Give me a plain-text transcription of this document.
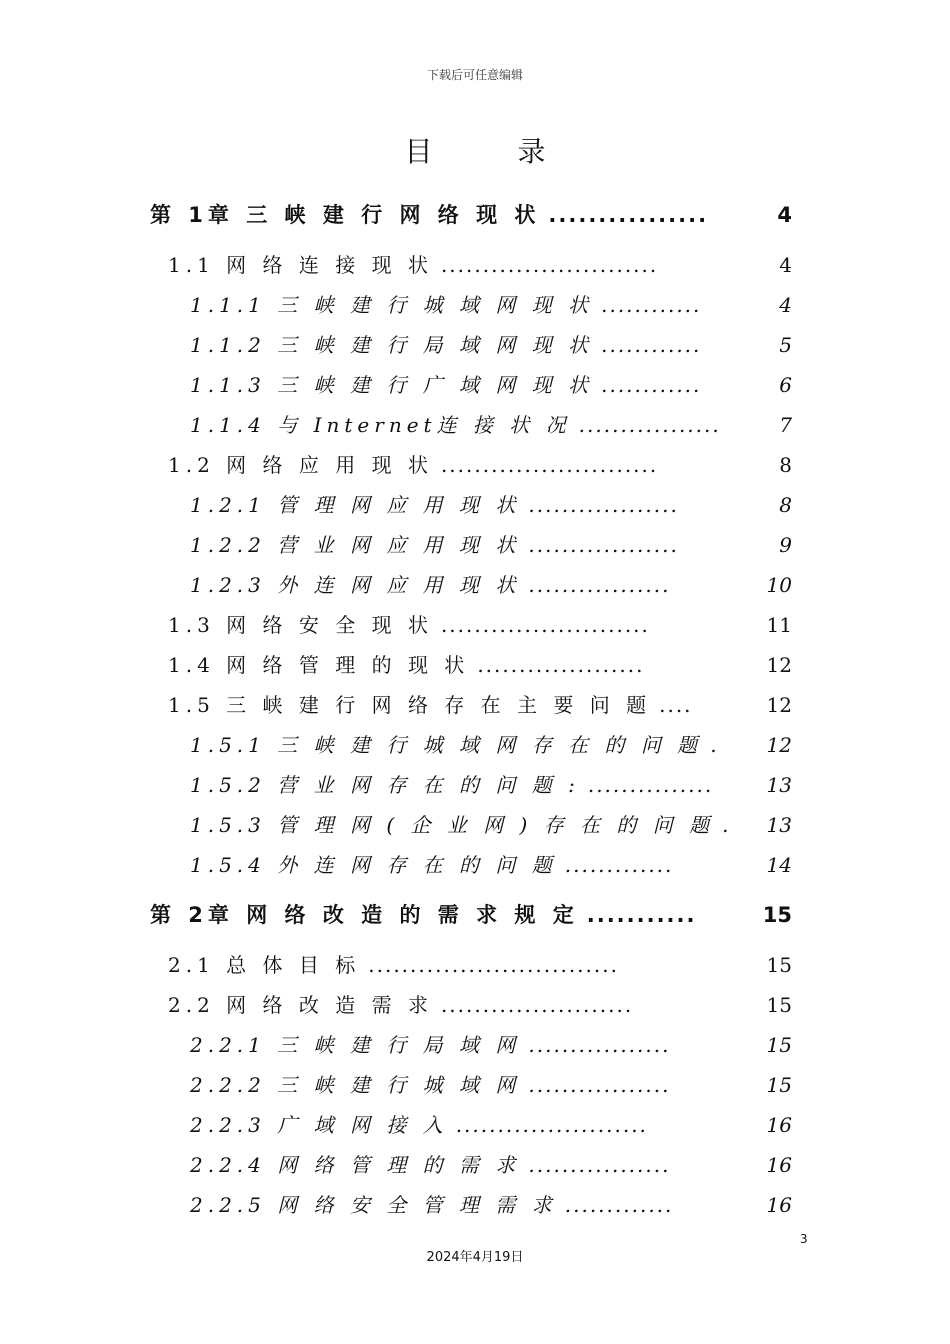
下载后可任意编辑
目 录
第 1章 三 峡 建 行 网 络 现 状 ................	4
1.1 网 络 连 接 现 状 ..........................	4
1.1.1 三 峡 建 行 城 域 网 现 状 ............	4
1.1.2 三 峡 建 行 局 域 网 现 状 ............	5
1.1.3 三 峡 建 行 广 域 网 现 状 ............	6
1.1.4 与 Internet连 接 状 况 .................	7
1.2 网 络 应 用 现 状 ..........................	8
1.2.1 管 理 网 应 用 现 状 ..................	8
1.2.2 营 业 网 应 用 现 状 ..................	9
1.2.3 外 连 网 应 用 现 状 .................	10
1.3 网 络 安 全 现 状 .........................	11
1.4 网 络 管 理 的 现 状 ....................	12
1.5 三 峡 建 行 网 络 存 在 主 要 问 题 ....	12
1.5.1 三 峡 建 行 城 域 网 存 在 的 问 题 .	12
1.5.2 营 业 网 存 在 的 问 题 : ...............	13
1.5.3 管 理 网 ( 企 业 网 ) 存 在 的 问 题 .	13
1.5.4 外 连 网 存 在 的 问 题 .............	14
第 2章 网 络 改 造 的 需 求 规 定 ...........	15
2.1 总 体 目 标 ..............................	15
2.2 网 络 改 造 需 求 .......................	15
2.2.1 三 峡 建 行 局 域 网 .................	15
2.2.2 三 峡 建 行 城 域 网 .................	15
2.2.3 广 域 网 接 入 .......................	16
2.2.4 网 络 管 理 的 需 求 .................	16
2.2.5 网 络 安 全 管 理 需 求 .............	16
3
2024年4月19日
